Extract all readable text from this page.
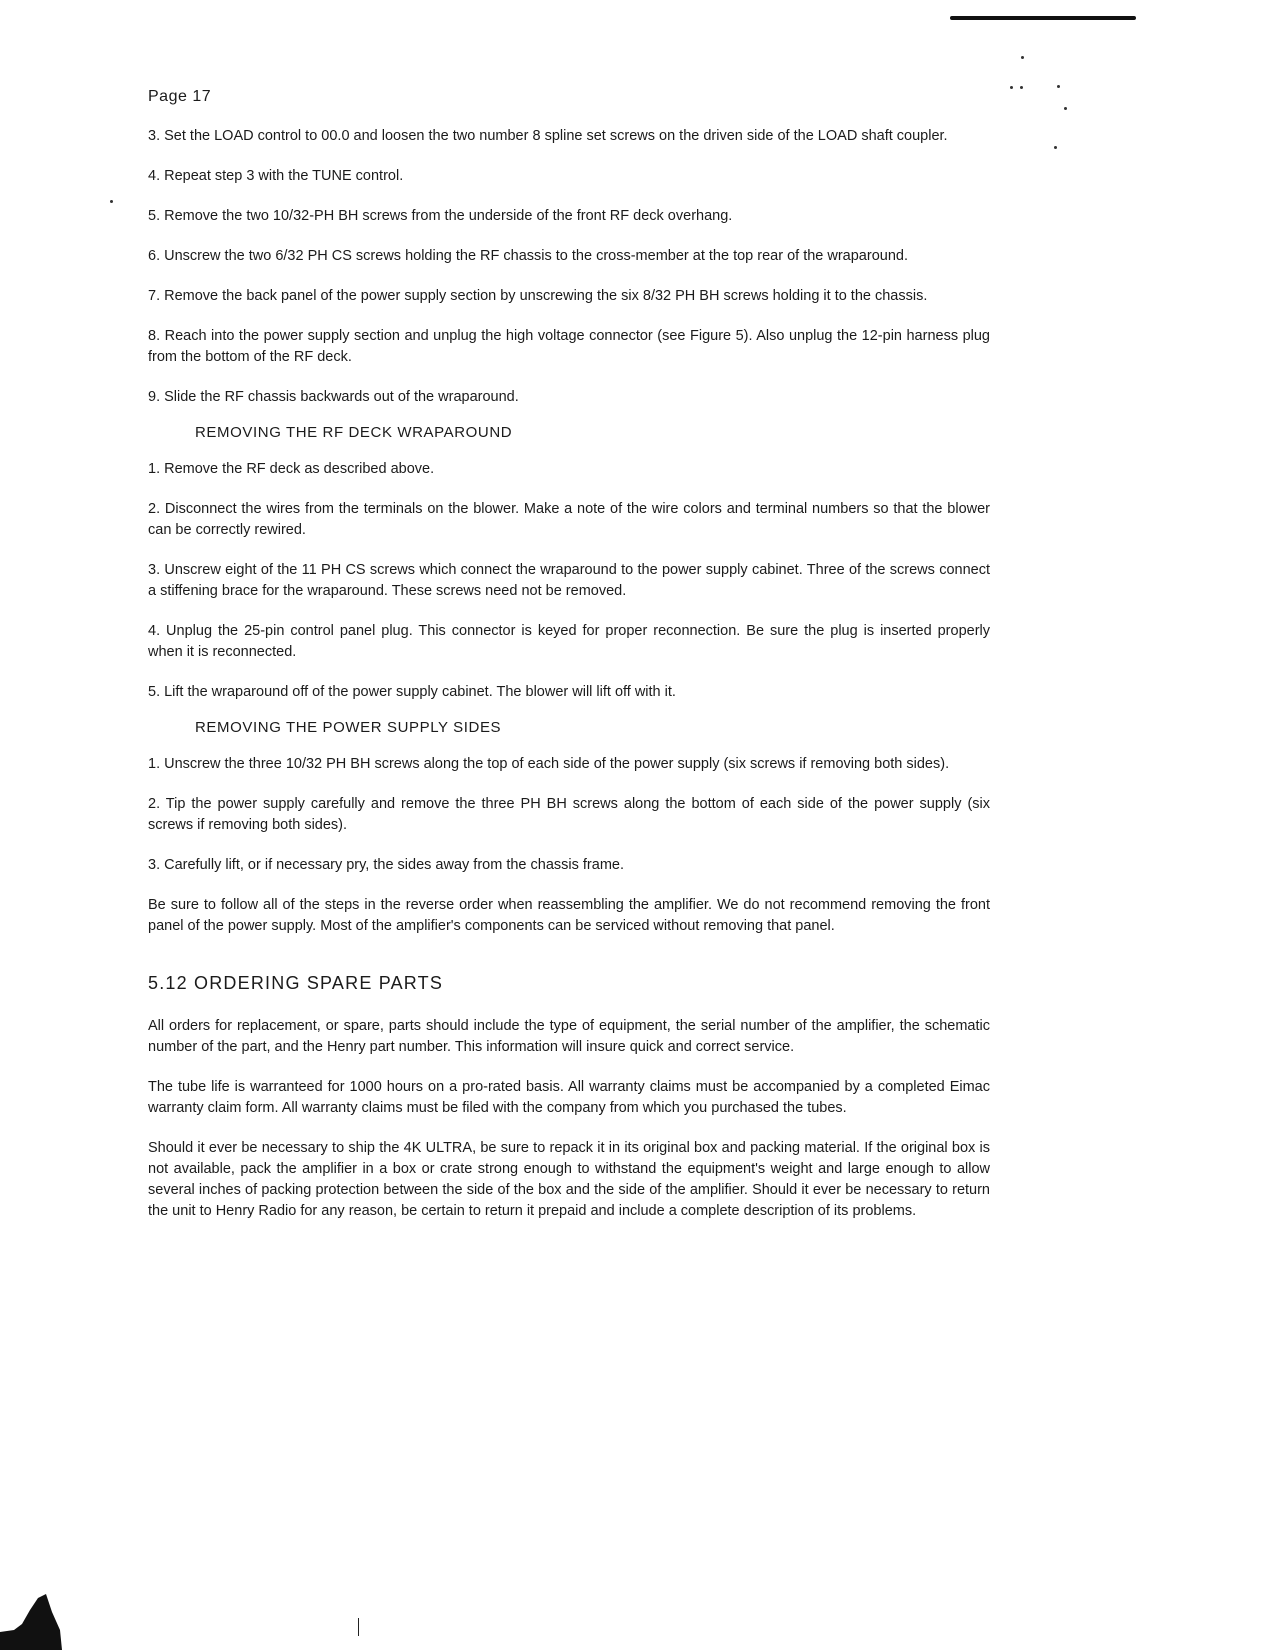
Page 17

3. Set the LOAD control to 00.0 and loosen the two number 8 spline set screws on the driven side of the LOAD shaft coupler.

4. Repeat step 3 with the TUNE control.

5. Remove the two 10/32-PH BH screws from the underside of the front RF deck overhang.

6. Unscrew the two 6/32 PH CS screws holding the RF chassis to the cross-member at the top rear of the wraparound.

7. Remove the back panel of the power supply section by unscrewing the six 8/32 PH BH screws holding it to the chassis.

8. Reach into the power supply section and unplug the high voltage connector (see Figure 5). Also unplug the 12-pin harness plug from the bottom of the RF deck.

9. Slide the RF chassis backwards out of the wraparound.

REMOVING THE RF DECK WRAPAROUND

1. Remove the RF deck as described above.

2. Disconnect the wires from the terminals on the blower. Make a note of the wire colors and terminal numbers so that the blower can be correctly rewired.

3. Unscrew eight of the 11 PH CS screws which connect the wraparound to the power supply cabinet. Three of the screws connect a stiffening brace for the wraparound. These screws need not be removed.

4. Unplug the 25-pin control panel plug. This connector is keyed for proper reconnection. Be sure the plug is inserted properly when it is reconnected.

5. Lift the wraparound off of the power supply cabinet. The blower will lift off with it.

REMOVING THE POWER SUPPLY SIDES

1. Unscrew the three 10/32 PH BH screws along the top of each side of the power supply (six screws if removing both sides).

2. Tip the power supply carefully and remove the three PH BH screws along the bottom of each side of the power supply (six screws if removing both sides).

3. Carefully lift, or if necessary pry, the sides away from the chassis frame.

Be sure to follow all of the steps in the reverse order when reassembling the amplifier. We do not recommend removing the front panel of the power supply. Most of the amplifier's components can be serviced without removing that panel.

5.12 ORDERING SPARE PARTS

All orders for replacement, or spare, parts should include the type of equipment, the serial number of the amplifier, the schematic number of the part, and the Henry part number. This information will insure quick and correct service.

The tube life is warranteed for 1000 hours on a pro-rated basis. All warranty claims must be accompanied by a completed Eimac warranty claim form. All warranty claims must be filed with the company from which you purchased the tubes.

Should it ever be necessary to ship the 4K ULTRA, be sure to repack it in its original box and packing material. If the original box is not available, pack the amplifier in a box or crate strong enough to withstand the equipment's weight and large enough to allow several inches of packing protection between the side of the box and the side of the amplifier. Should it ever be necessary to return the unit to Henry Radio for any reason, be certain to return it prepaid and include a complete description of its problems.
